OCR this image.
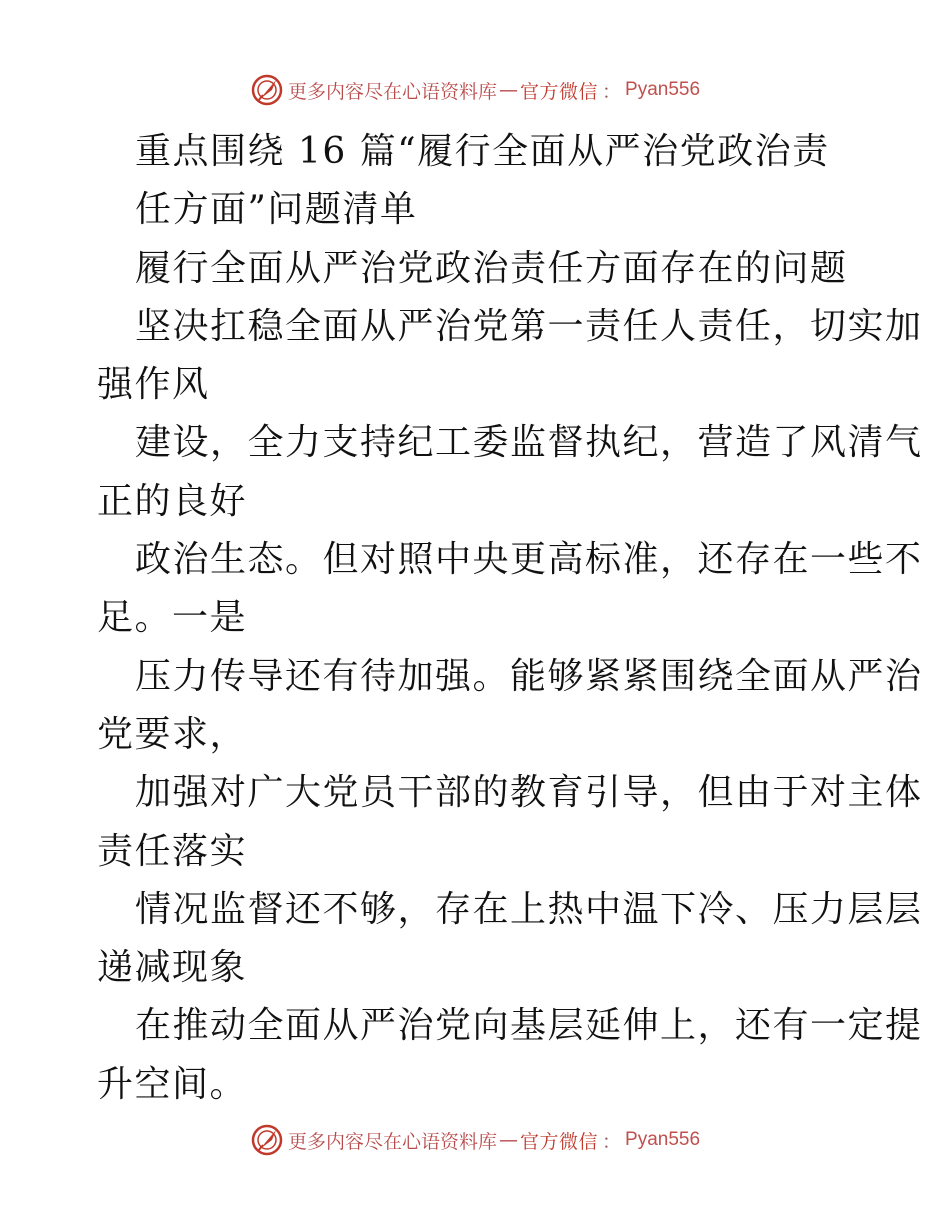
更多内容尽在心语资料库 — 官方微信 ： Pyan556
重点围绕 16 篇“履行全面从严治党政治责
任方面”问题清单
履行全面从严治党政治责任方面存在的问题
坚决扛稳全面从严治党第一责任人责任，切实加
强作风
建设，全力支持纪工委监督执纪，营造了风清气
正的良好
政治生态。但对照中央更高标准，还存在一些不
足。一是
压力传导还有待加强。能够紧紧围绕全面从严治
党要求，
加强对广大党员干部的教育引导，但由于对主体
责任落实
情况监督还不够，存在上热中温下冷、压力层层
递减现象
在推动全面从严治党向基层延伸上，还有一定提
升空间。
更多内容尽在心语资料库 — 官方微信 ： Pyan556
